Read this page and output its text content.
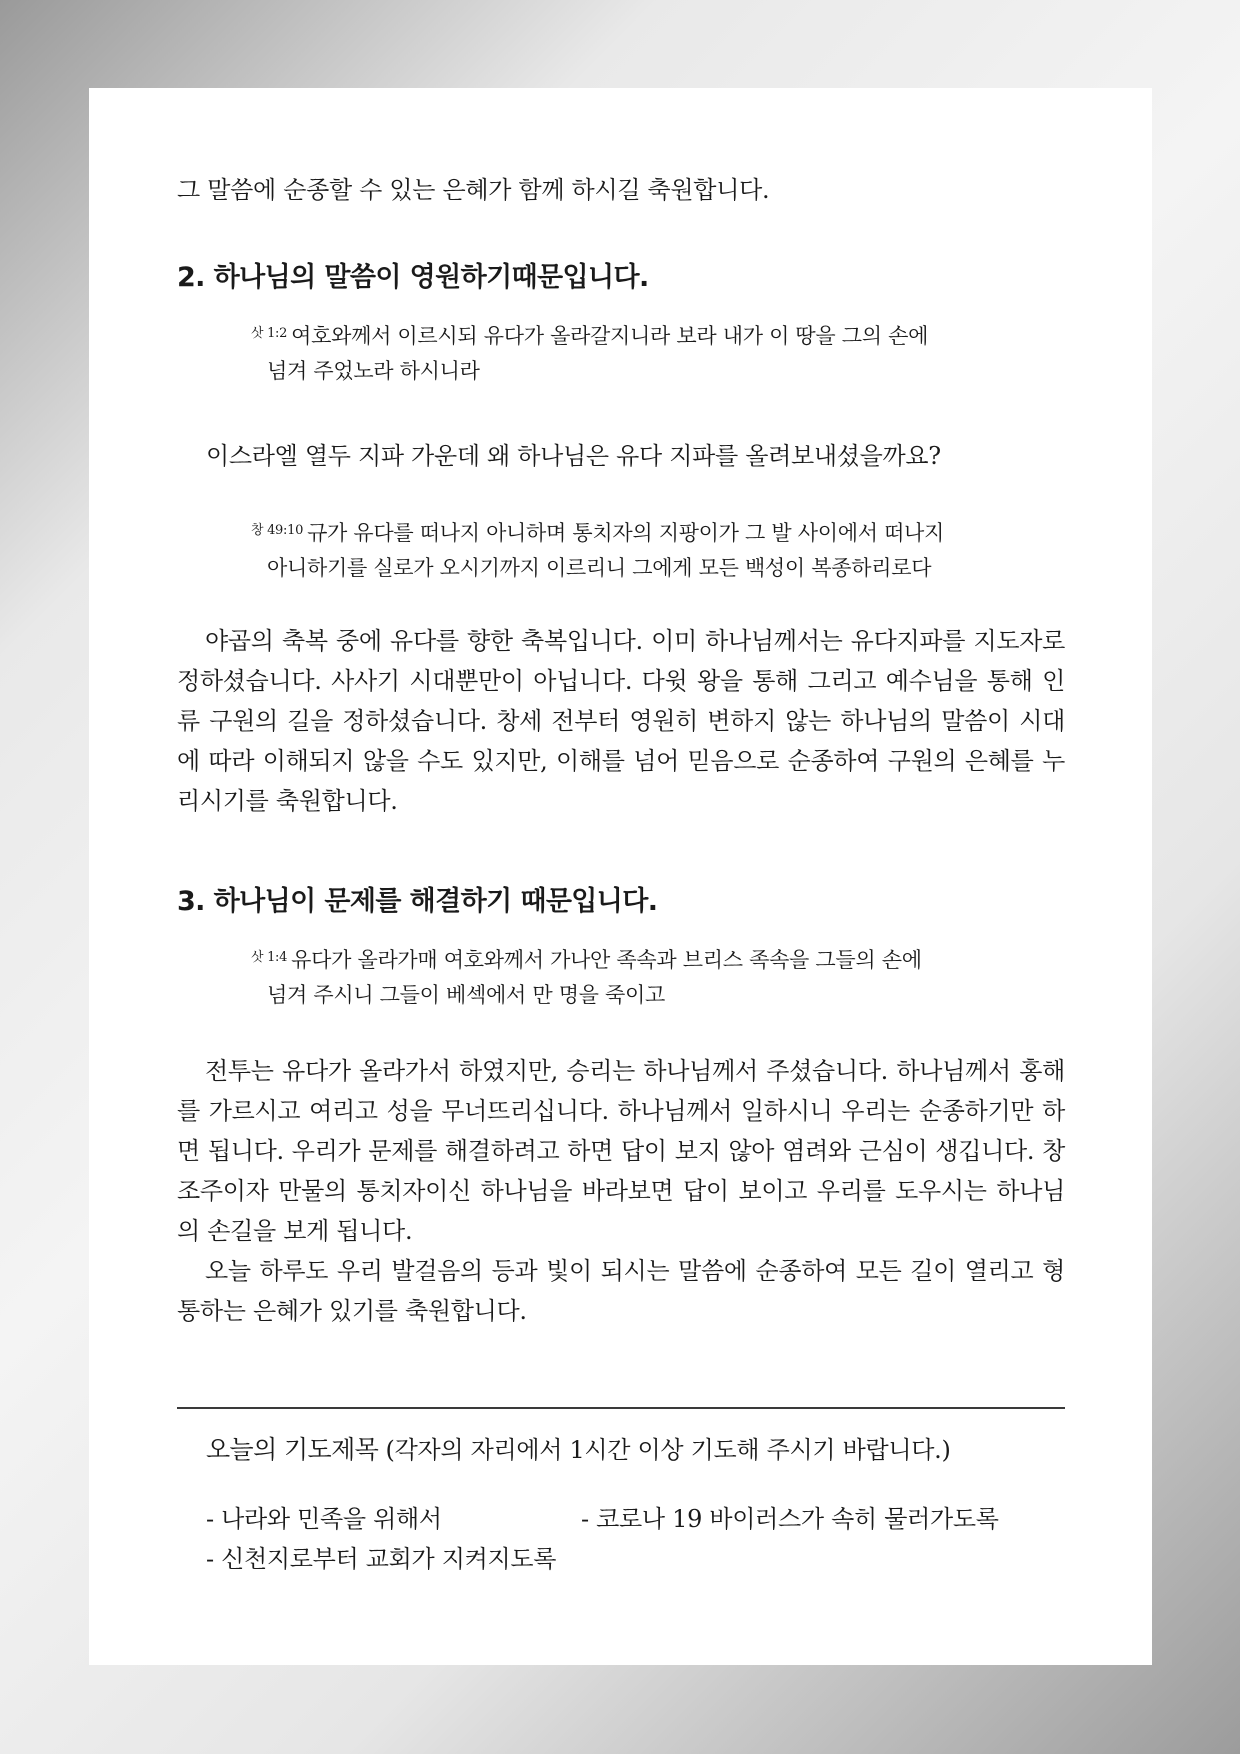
그 말씀에 순종할 수 있는 은혜가 함께 하시길 축원합니다.

2. 하나님의 말씀이 영원하기때문입니다.

$^{삿 1:2}$ 여호와께서 이르시되 유다가 올라갈지니라 보라 내가 이 땅을 그의 손에
넘겨 주었노라 하시니라

이스라엘 열두 지파 가운데 왜 하나님은 유다 지파를 올려보내셨을까요?

$^{창 49:10}$ 규가 유다를 떠나지 아니하며 통치자의 지팡이가 그 발 사이에서 떠나지
아니하기를 실로가 오시기까지 이르리니 그에게 모든 백성이 복종하리로다

야곱의 축복 중에 유다를 향한 축복입니다. 이미 하나님께서는 유다지파를 지도자로 정하셨습니다. 사사기 시대뿐만이 아닙니다. 다윗 왕을 통해 그리고 예수님을 통해 인류 구원의 길을 정하셨습니다. 창세 전부터 영원히 변하지 않는 하나님의 말씀이 시대에 따라 이해되지 않을 수도 있지만, 이해를 넘어 믿음으로 순종하여 구원의 은혜를 누리시기를 축원합니다.

3. 하나님이 문제를 해결하기 때문입니다.

$^{삿 1:4}$ 유다가 올라가매 여호와께서 가나안 족속과 브리스 족속을 그들의 손에
넘겨 주시니 그들이 베섹에서 만 명을 죽이고

전투는 유다가 올라가서 하였지만, 승리는 하나님께서 주셨습니다. 하나님께서 홍해를 가르시고 여리고 성을 무너뜨리십니다. 하나님께서 일하시니 우리는 순종하기만 하면 됩니다. 우리가 문제를 해결하려고 하면 답이 보지 않아 염려와 근심이 생깁니다. 창조주이자 만물의 통치자이신 하나님을 바라보면 답이 보이고 우리를 도우시는 하나님의 손길을 보게 됩니다.

오늘 하루도 우리 발걸음의 등과 빛이 되시는 말씀에 순종하여 모든 길이 열리고 형통하는 은혜가 있기를 축원합니다.

오늘의 기도제목 (각자의 자리에서 1시간 이상 기도해 주시기 바랍니다.)

- 나라와 민족을 위해서	- 코로나 19 바이러스가 속히 물러가도록

- 신천지로부터 교회가 지켜지도록
